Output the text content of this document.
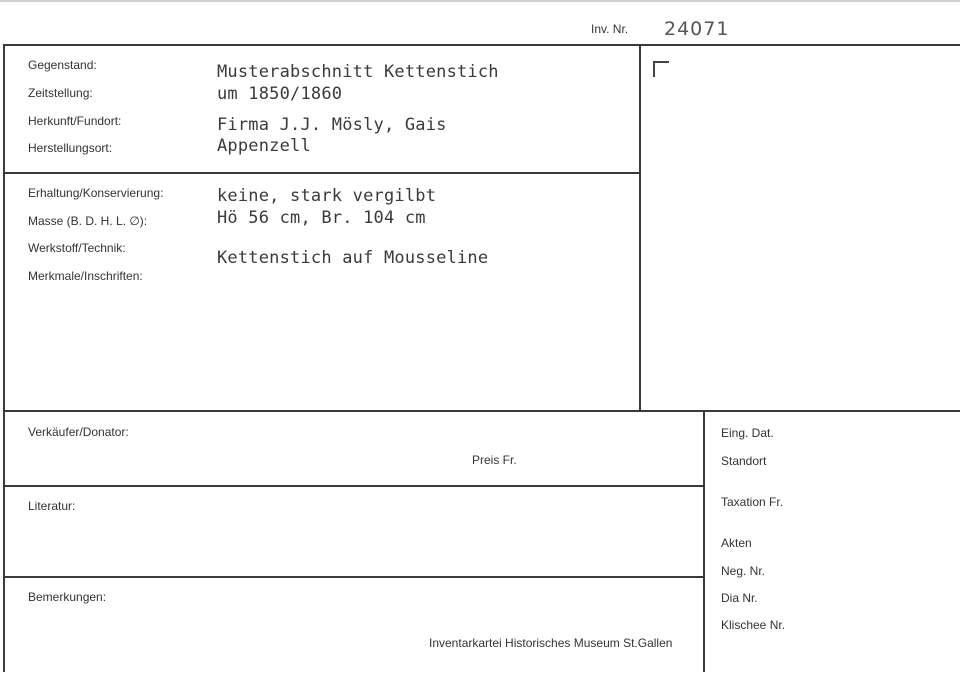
Inv. Nr. 24071
Gegenstand:
Zeitstellung:
Herkunft/Fundort:
Herstellungsort:
Musterabschnitt Kettenstich
um 1850/1860
Firma J.J. Mösly, Gais
Appenzell
Erhaltung/Konservierung:
Masse (B. D. H. L. ∅):
Werkstoff/Technik:
Merkmale/Inschriften:
keine, stark vergilbt
Hö 56 cm, Br. 104 cm
Kettenstich auf Mousseline
Verkäufer/Donator:
Preis Fr.
Literatur:
Bemerkungen:
Inventarkartei Historisches Museum St.Gallen
Eing. Dat.
Standort
Taxation Fr.
Akten
Neg. Nr.
Dia Nr.
Klischee Nr.
